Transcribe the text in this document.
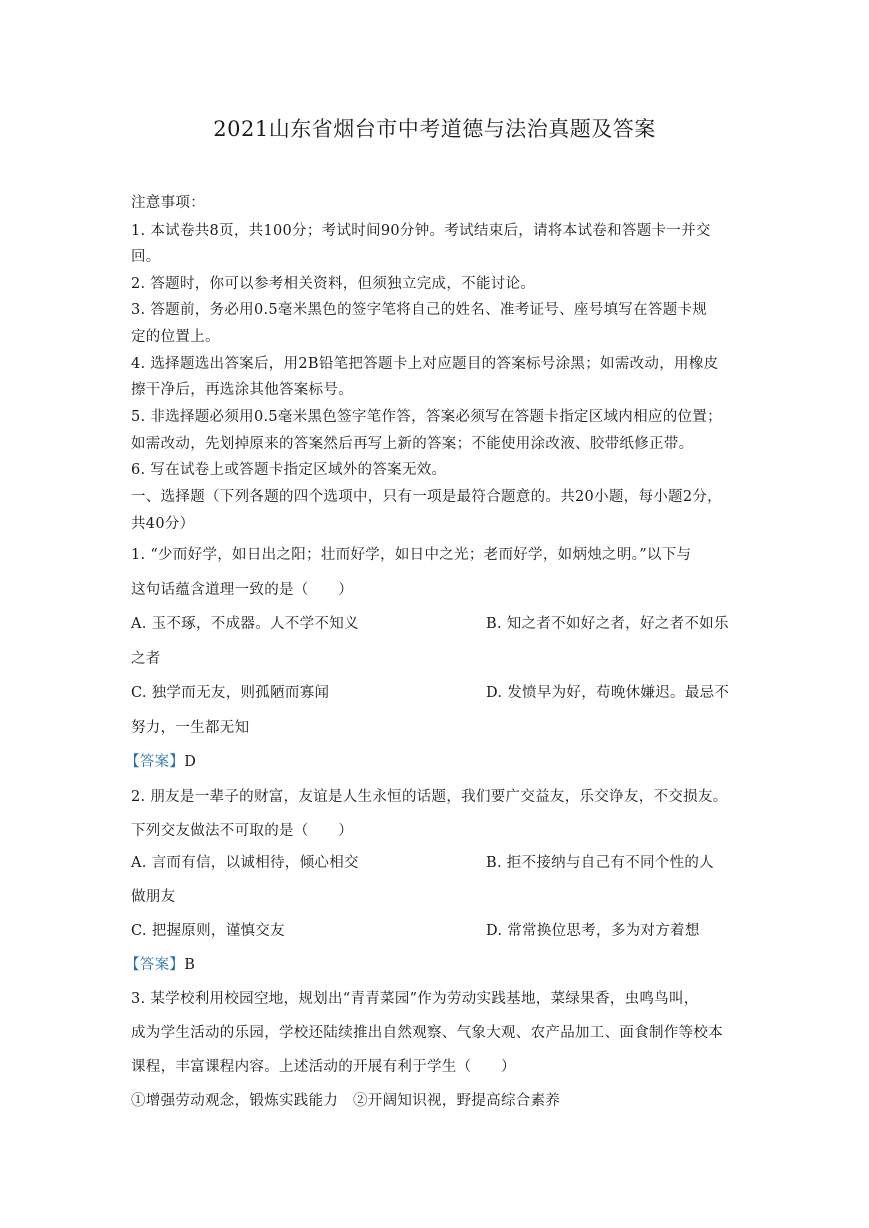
2021山东省烟台市中考道德与法治真题及答案
注意事项：
1. 本试卷共8页，共100分；考试时间90分钟。考试结束后，请将本试卷和答题卡一并交
回。
2. 答题时，你可以参考相关资料，但须独立完成，不能讨论。
3. 答题前，务必用0.5毫米黑色的签字笔将自己的姓名、准考证号、座号填写在答题卡规
定的位置上。
4. 选择题选出答案后，用2B铅笔把答题卡上对应题目的答案标号涂黑；如需改动，用橡皮
擦干净后，再选涂其他答案标号。
5. 非选择题必须用0.5毫米黑色签字笔作答，答案必须写在答题卡指定区域内相应的位置；
如需改动，先划掉原来的答案然后再写上新的答案；不能使用涂改液、胶带纸修正带。
6. 写在试卷上或答题卡指定区域外的答案无效。
一、选择题（下列各题的四个选项中，只有一项是最符合题意的。共20小题，每小题2分，
共40分）
1. “少而好学，如日出之阳；壮而好学，如日中之光；老而好学，如炳烛之明。”以下与
这句话蕴含道理一致的是（　　）
A. 玉不琢，不成器。人不学不知义	B. 知之者不如好之者，好之者不如乐
之者
C. 独学而无友，则孤陋而寡闻	D. 发愤早为好，苟晚休嫌迟。最忌不
努力，一生都无知
【答案】D
2. 朋友是一辈子的财富，友谊是人生永恒的话题，我们要广交益友，乐交诤友，不交损友。
下列交友做法不可取的是（　　）
A. 言而有信，以诚相待，倾心相交	B. 拒不接纳与自己有不同个性的人
做朋友
C. 把握原则，谨慎交友	D. 常常换位思考，多为对方着想
【答案】B
3. 某学校利用校园空地，规划出“青青菜园”作为劳动实践基地，菜绿果香，虫鸣鸟叫，
成为学生活动的乐园，学校还陆续推出自然观察、气象大观、农产品加工、面食制作等校本
课程，丰富课程内容。上述活动的开展有利于学生（　　）
①增强劳动观念，锻炼实践能力　②开阔知识视，野提高综合素养
